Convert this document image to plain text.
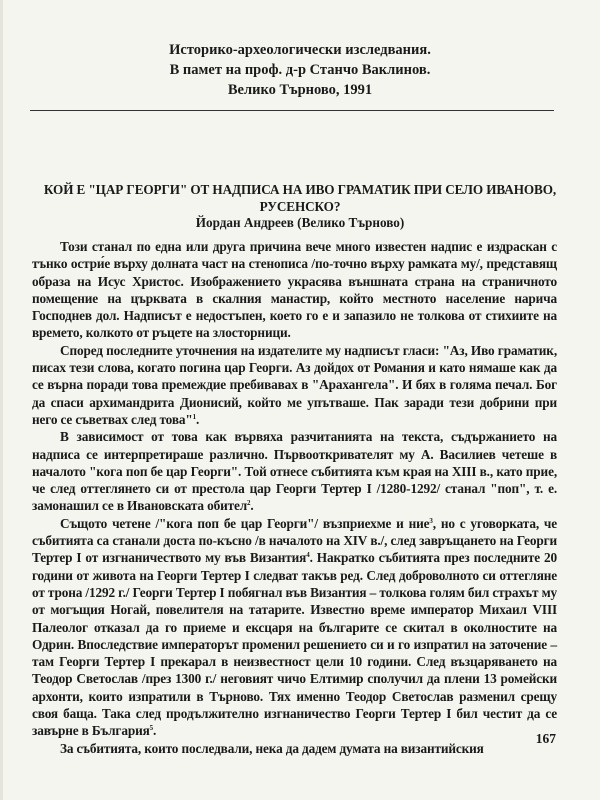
Историко-археологически изследвания.
В памет на проф. д-р Станчо Ваклинов.
Велико Търново, 1991
КОЙ Е "ЦАР ГЕОРГИ" ОТ НАДПИСА НА ИВО ГРАМАТИК ПРИ СЕЛО ИВАНОВО, РУСЕНСКО?
Йордан Андреев (Велико Търново)

Този станал по една или друга причина вече много известен надпис е издраскан с тънко остри́е върху долната част на стенописа /по-точно върху рамката му/, представящ образа на Исус Христос. Изображението украсява външната страна на страничното помещение на църквата в скалния манастир, който местното население нарича Господнев дол. Надписът е недостъпен, което го е и запазило не толкова от стихиите на времето, колкото от ръцете на злосторници.

Според последните уточнения на издателите му надписът гласи: "Аз, Иво граматик, писах тези слова, когато погина цар Георги. Аз дойдох от Романия и като нямаше как да се върна поради това премеждие пребивавах в "Арахангела". И бях в голяма печал. Бог да спаси архимандрита Дионисий, който ме упътваше. Пак заради тези добрини при него се съветвах след това"$^1$.

В зависимост от това как вървяха разчитанията на текста, съдържанието на надписа се интерпретираше различно. Първооткривателят му А. Василиев четеше в началото "кога поп бе цар Георги". Той отнесе събитията към края на XIII в., като прие, че след оттеглянето си от престола цар Георги Тертер I /1280-1292/ станал "поп", т. е. замонашил се в Ивановската обител$^2$.

Същото четене /"кога поп бе цар Георги"/ възприехме и ние$^3$, но с уговорката, че събитията са станали доста по-късно /в началото на XIV в./, след завръщането на Георги Тертер I от изгнаничеството му във Византия$^4$. Накратко събитията през последните 20 години от живота на Георги Тертер I следват такъв ред. След доброволното си оттегляне от трона /1292 г./ Георги Тертер I побягнал във Византия – толкова голям бил страхът му от могъщия Ногай, повелителя на татарите. Известно време император Михаил VIII Палеолог отказал да го приеме и ексцаря на българите се скитал в околностите на Одрин. Впоследствие императорът променил решението си и го изпратил на заточение – там Георги Тертер I прекарал в неизвестност цели 10 години. След възцаряването на Теодор Светослав /през 1300 г./ неговият чичо Елтимир сполучил да плени 13 ромейски архонти, които изпратили в Търново. Тях именно Теодор Светослав разменил срещу своя баща. Така след продължително изгнаничество Георги Тертер I бил честит да се завърне в България$^5$.

За събитията, които последвали, нека да дадем думата на византийския

167
